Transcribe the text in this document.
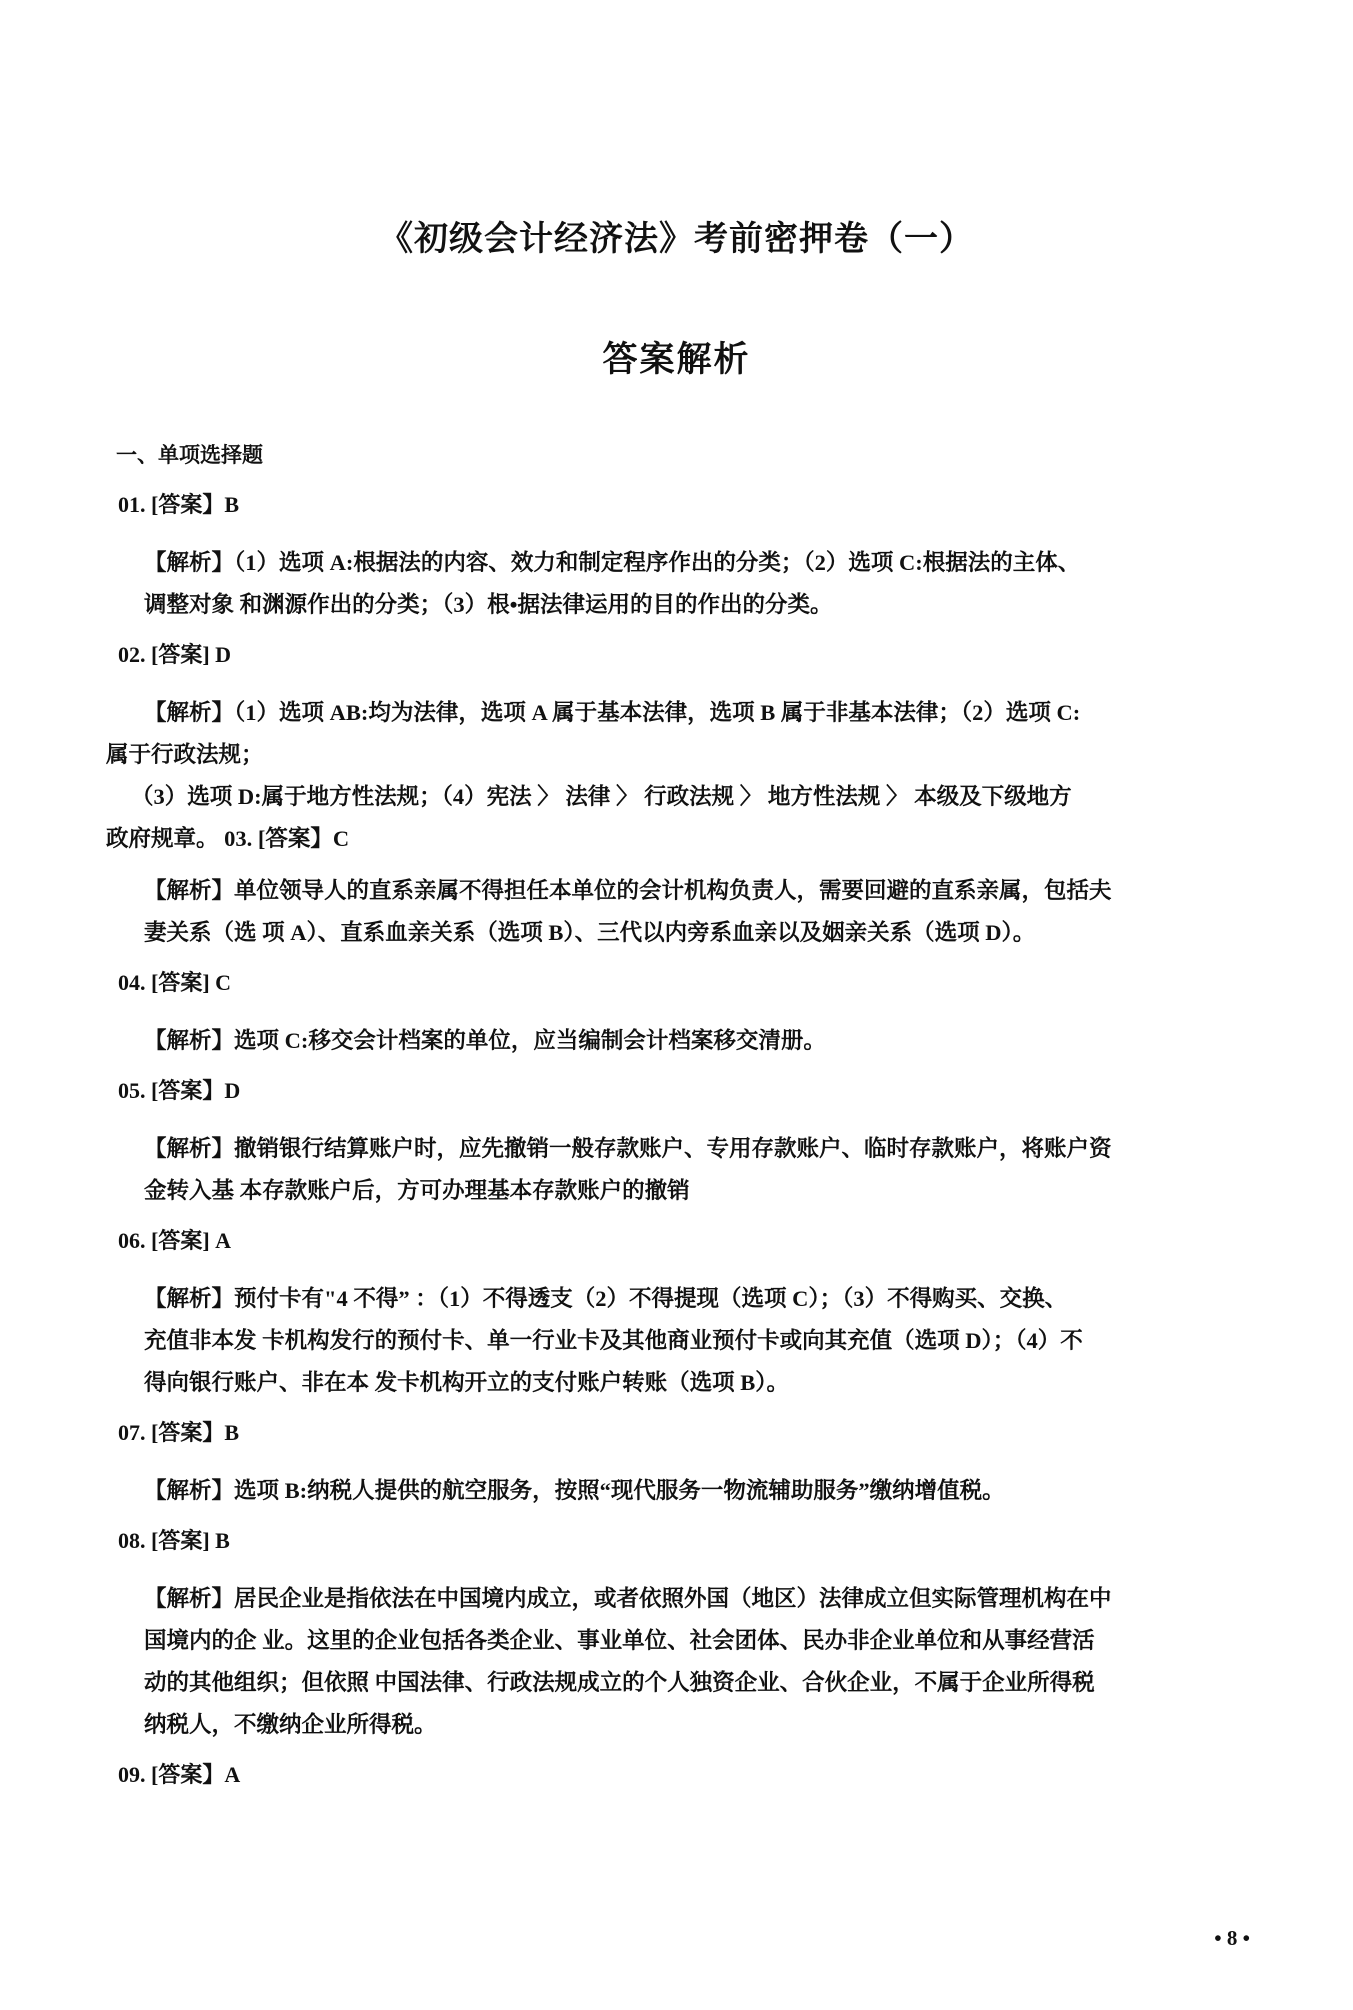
《初级会计经济法》考前密押卷（一）
答案解析
一、单项选择题
01. [答案】B
【解析】（1）选项 A:根据法的内容、效力和制定程序作出的分类；（2）选项 C:根据法的主体、
调整对象 和渊源作出的分类；（3）根•据法律运用的目的作出的分类。
02. [答案] D
【解析】（1）选项 AB:均为法律，选项 A 属于基本法律，选项 B 属于非基本法律；（2）选项 C:
属于行政法规；
（3）选项 D:属于地方性法规；（4）宪法 〉 法律 〉 行政法规 〉 地方性法规 〉 本级及下级地方
政府规章。 03. [答案】C
【解析】单位领导人的直系亲属不得担任本单位的会计机构负责人，需要回避的直系亲属，包括夫
妻关系（选 项 A）、直系血亲关系（选项 B）、三代以内旁系血亲以及姻亲关系（选项 D）。
04. [答案] C
【解析】选项 C:移交会计档案的单位，应当编制会计档案移交清册。
05. [答案】D
【解析】撤销银行结算账户时，应先撤销一般存款账户、专用存款账户、临时存款账户，将账户资
金转入基 本存款账户后，方可办理基本存款账户的撤销
06. [答案] A
【解析】预付卡有"4 不得” ：（1）不得透支（2）不得提现（选项 C）；（3）不得购买、交换、
充值非本发 卡机构发行的预付卡、单一行业卡及其他商业预付卡或向其充值（选项 D）；（4）不
得向银行账户、非在本 发卡机构开立的支付账户转账（选项 B）。
07. [答案】B
【解析】选项 B:纳税人提供的航空服务，按照“现代服务一物流辅助服务”缴纳增值税。
08. [答案] B
【解析】居民企业是指依法在中国境内成立，或者依照外国（地区）法律成立但实际管理机构在中
国境内的企 业。这里的企业包括各类企业、事业单位、社会团体、民办非企业单位和从事经营活
动的其他组织；但依照 中国法律、行政法规成立的个人独资企业、合伙企业，不属于企业所得税
纳税人，不缴纳企业所得税。
09. [答案】A
• 8 •
